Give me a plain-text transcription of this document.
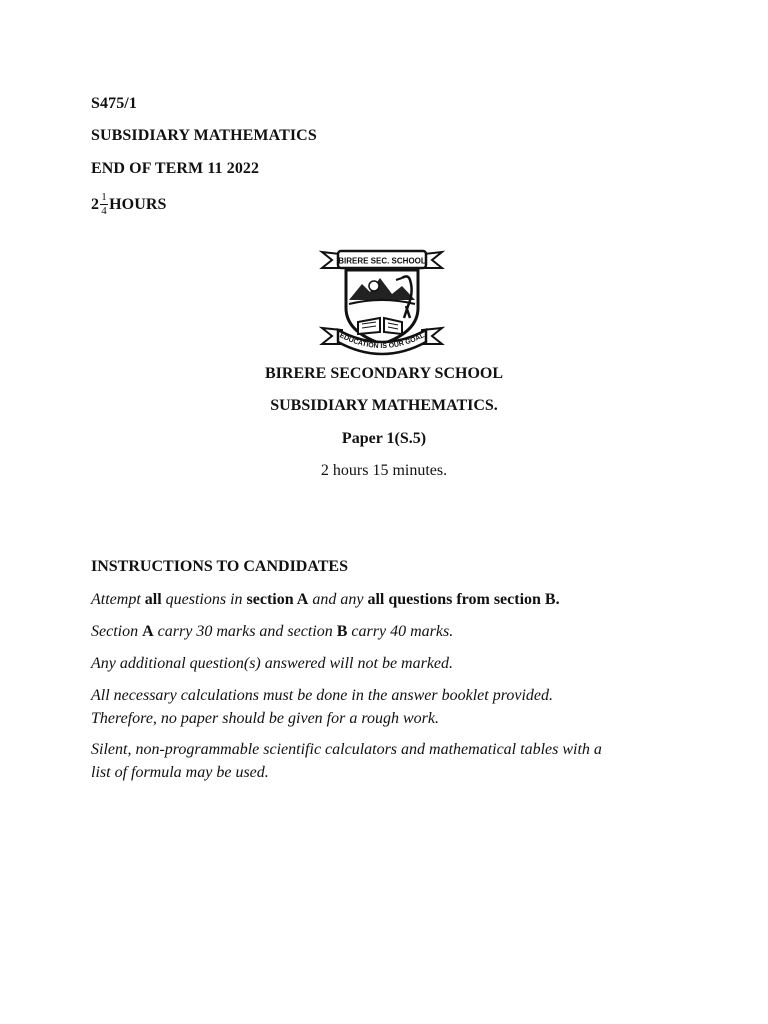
S475/1
SUBSIDIARY MATHEMATICS
END OF TERM 11 2022
$2 \frac{1}{4}$ HOURS
BIRERE SEC. SCHOOL
EDUCATION IS OUR GOAL
BIRERE SECONDARY SCHOOL
SUBSIDIARY MATHEMATICS.
Paper 1(S.5)
2 hours 15 minutes.
INSTRUCTIONS TO CANDIDATES
Attempt all questions in section A and any all questions from section B.
Section A carry 30 marks and section B carry 40 marks.
Any additional question(s) answered will not be marked.
All necessary calculations must be done in the answer booklet provided.
Therefore, no paper should be given for a rough work.
Silent, non-programmable scientific calculators and mathematical tables with a
list of formula may be used.
